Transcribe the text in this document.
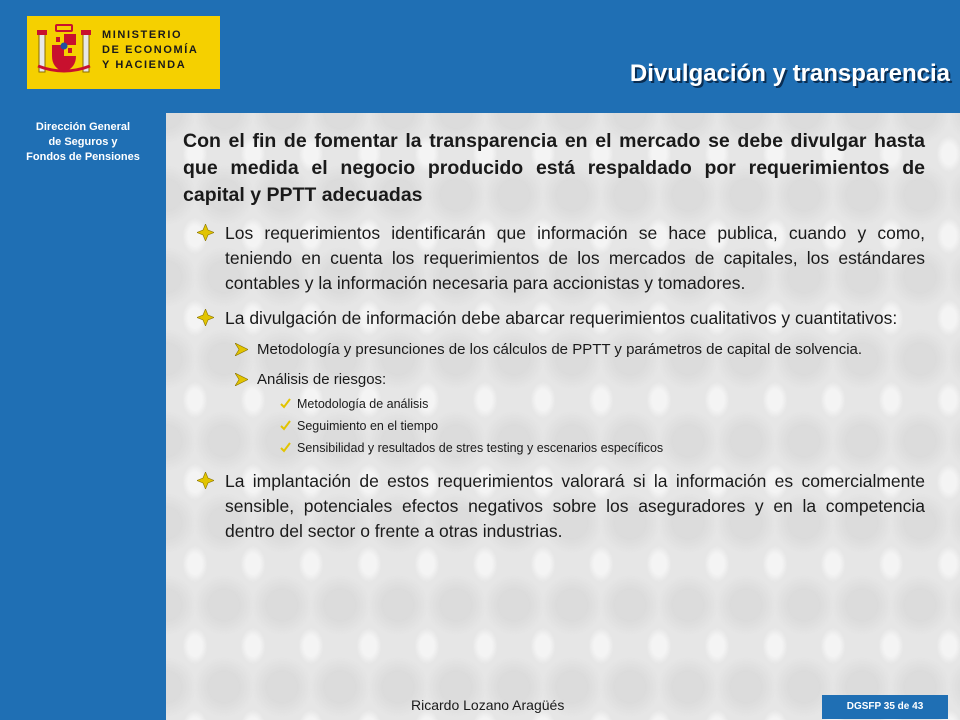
MINISTERIO
DE ECONOMÍA
Y HACIENDA	Divulgación y transparencia
Dirección General
de Seguros y
Fondos de Pensiones

Con el fin de fomentar la transparencia en el mercado se debe divulgar hasta que medida el negocio producido está respaldado por requerimientos de capital y PPTT adecuadas

Los requerimientos identificarán que información se hace publica, cuando y como, teniendo en cuenta los requerimientos de los mercados de capitales, los estándares contables y la información necesaria para accionistas y tomadores.
La divulgación de información debe abarcar requerimientos cualitativos y cuantitativos:
Metodología y presunciones de los cálculos de PPTT y parámetros de capital de solvencia.
Análisis de riesgos:
Metodología de análisis
Seguimiento en el tiempo
Sensibilidad y resultados de stres testing y escenarios específicos
La implantación de estos requerimientos valorará si la información es comercialmente sensible, potenciales efectos negativos sobre los aseguradores y en la competencia dentro del sector o frente a otras industrias.
Ricardo Lozano Aragüés	DGSFP 35 de 43
